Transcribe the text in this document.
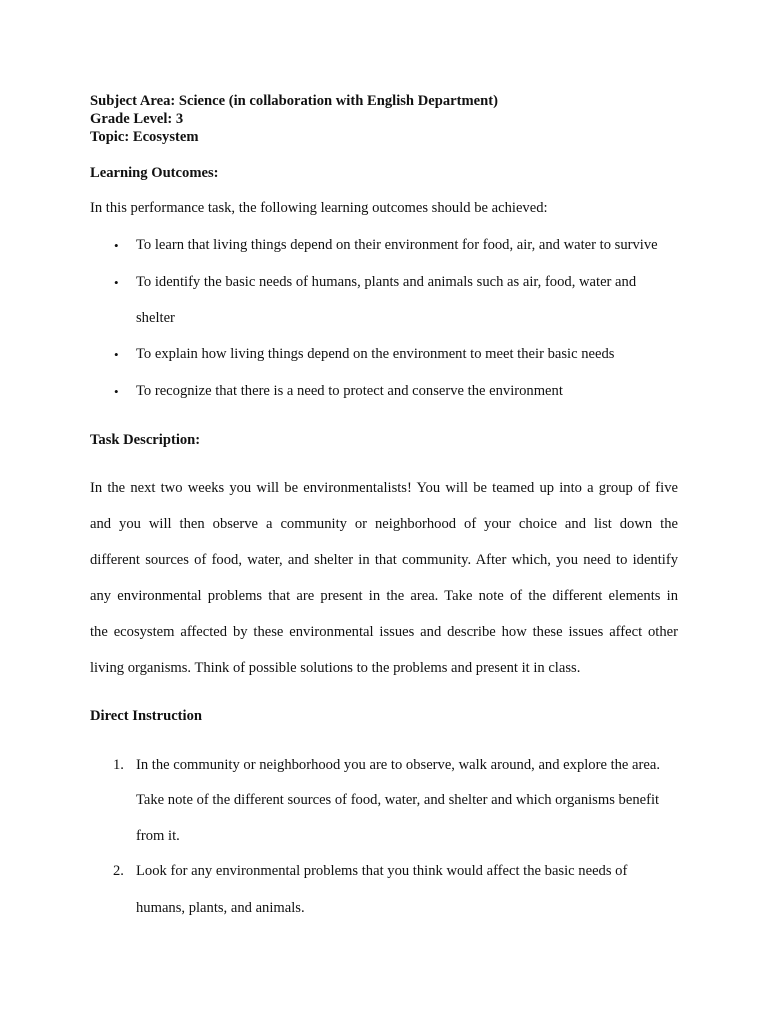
Subject Area: Science (in collaboration with English Department)
Grade Level: 3
Topic: Ecosystem
Learning Outcomes:
In this performance task, the following learning outcomes should be achieved:
• To learn that living things depend on their environment for food, air, and water to survive
• To identify the basic needs of humans, plants and animals such as air, food, water and
shelter
• To explain how living things depend on the environment to meet their basic needs
• To recognize that there is a need to protect and conserve the environment
Task Description:
In the next two weeks you will be environmentalists! You will be teamed up into a group of five
and you will then observe a community or neighborhood of your choice and list down the
different sources of food, water, and shelter in that community. After which, you need to identify
any environmental problems that are present in the area. Take note of the different elements in
the ecosystem affected by these environmental issues and describe how these issues affect other
living organisms. Think of possible solutions to the problems and present it in class.
Direct Instruction
1. In the community or neighborhood you are to observe, walk around, and explore the area.
Take note of the different sources of food, water, and shelter and which organisms benefit
from it.
2. Look for any environmental problems that you think would affect the basic needs of
humans, plants, and animals.
